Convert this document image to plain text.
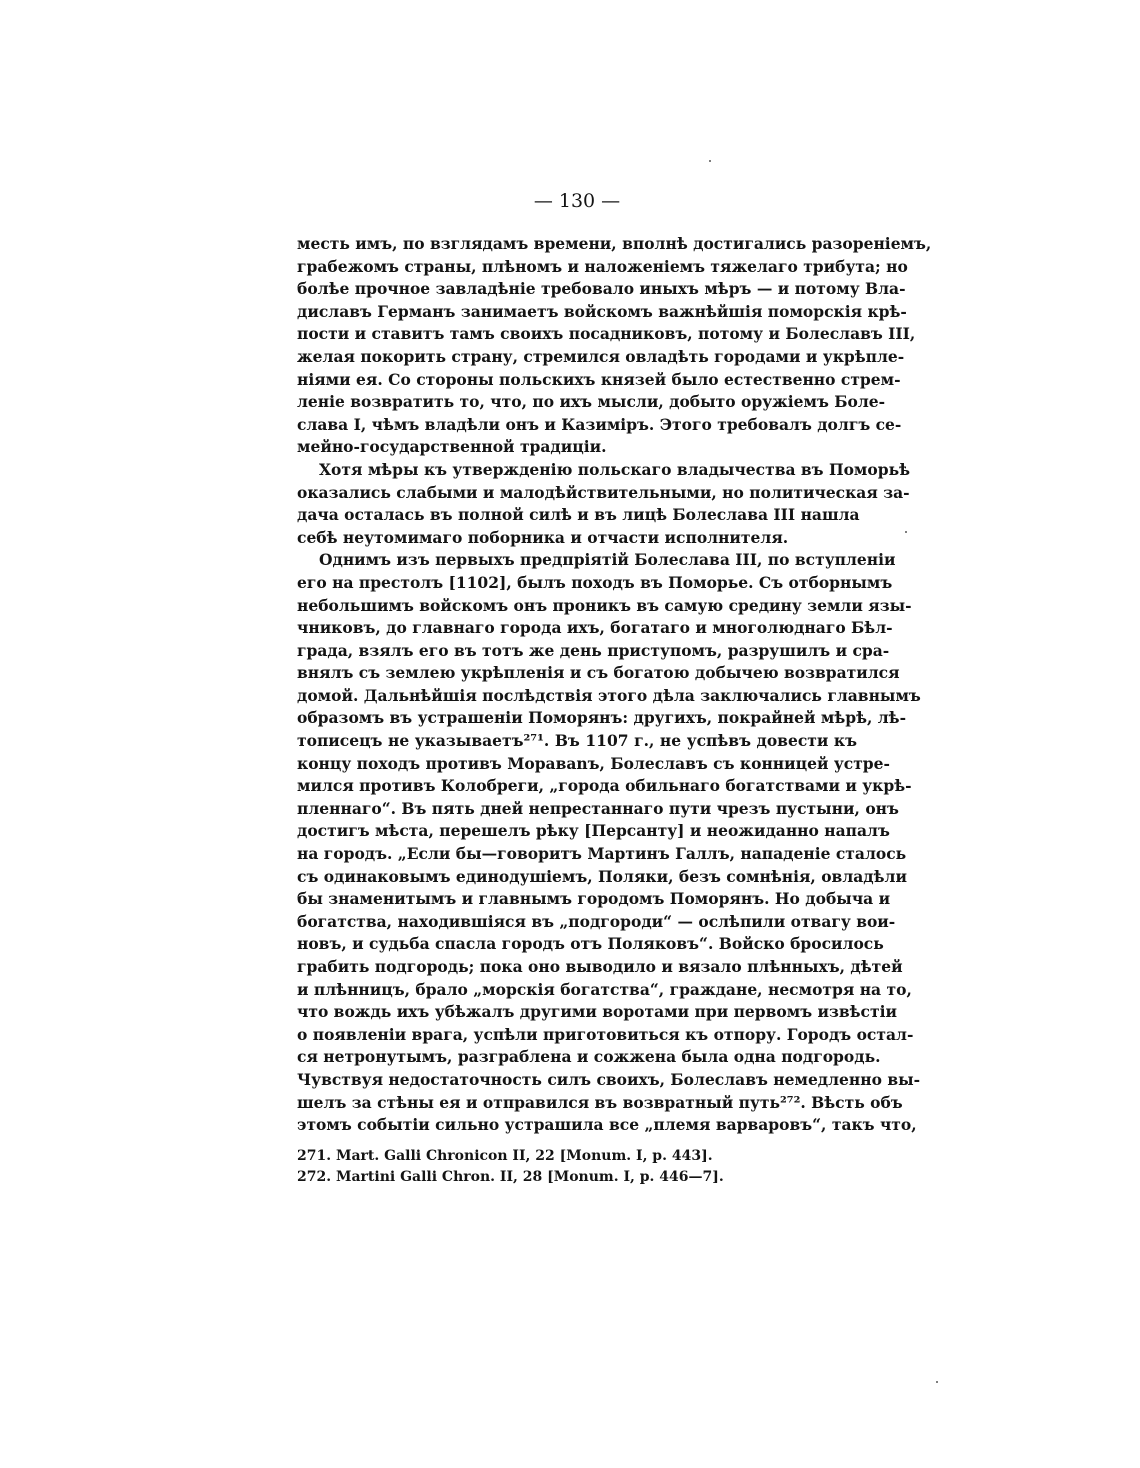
— 130 —
месть имъ, по взглядамъ времени, вполнѣ достигались разореніемъ,
грабежомъ страны, плѣномъ и наложеніемъ тяжелаго трибута; но
болѣе прочное завладѣніе требовало иныхъ мѣръ — и потому Вла-
диславъ Германъ занимаетъ войскомъ важнѣйшія поморскія крѣ-
пости и ставитъ тамъ своихъ посадниковъ, потому и Болеславъ III,
желая покорить страну, стремился овладѣть городами и укрѣпле-
ніями ея. Со стороны польскихъ князей было естественно стрем-
леніе возвратить то, что, по ихъ мысли, добыто оружіемъ Боле-
слава I, чѣмъ владѣли онъ и Казиміръ. Этого требовалъ долгъ се-
мейно-государственной традиціи.
Хотя мѣры къ утвержденію польскаго владычества въ Поморьѣ
оказались слабыми и малодѣйствительными, но политическая за-
дача осталась въ полной силѣ и въ лицѣ Болеслава III нашла
себѣ неутомимаго поборника и отчасти исполнителя.
Однимъ изъ первыхъ предпріятій Болеслава III, по вступленіи
его на престолъ [1102], былъ походъ въ Поморье. Съ отборнымъ
небольшимъ войскомъ онъ проникъ въ самую средину земли язы-
чниковъ, до главнаго города ихъ, богатаго и многолюднаго Бѣл-
града, взялъ его въ тотъ же день приступомъ, разрушилъ и сра-
внялъ съ землею укрѣпленія и съ богатою добычею возвратился
домой. Дальнѣйшія послѣдствія этого дѣла заключались главнымъ
образомъ въ устрашеніи Поморянъ: другихъ, покрайней мѣрѣ, лѣ-
тописецъ не указываетъ²⁷¹. Въ 1107 г., не успѣвъ довести къ
концу походъ противъ Моравanъ, Болеславъ съ конницей устре-
мился противъ Колобреги, „города обильнаго богатствами и укрѣ-
пленнаго“. Въ пять дней непрестаннаго пути чрезъ пустыни, онъ
достигъ мѣста, перешелъ рѣку [Персанту] и неожиданно напалъ
на городъ. „Если бы—говоритъ Мартинъ Галлъ, нападеніе сталось
съ одинаковымъ единодушіемъ, Поляки, безъ сомнѣнія, овладѣли
бы знаменитымъ и главнымъ городомъ Поморянъ. Но добыча и
богатства, находившіяся въ „подгороди“ — ослѣпили отвагу вои-
новъ, и судьба спасла городъ отъ Поляковъ“. Войско бросилось
грабить подгородь; пока оно выводило и вязало плѣнныхъ, дѣтей
и плѣнницъ, брало „морскія богатства“, граждане, несмотря на то,
что вождь ихъ убѣжалъ другими воротами при первомъ извѣстіи
о появленіи врага, успѣли приготовиться къ отпору. Городъ остал-
ся нетронутымъ, разграблена и сожжена была одна подгородь.
Чувствуя недостаточность силъ своихъ, Болеславъ немедленно вы-
шелъ за стѣны ея и отправился въ возвратный путь²⁷². Вѣсть объ
этомъ событіи сильно устрашила все „племя варваровъ“, такъ что,
271. Mart. Galli Chronicon II, 22 [Monum. I, p. 443].
272. Martini Galli Chron. II, 28 [Monum. I, p. 446—7].
